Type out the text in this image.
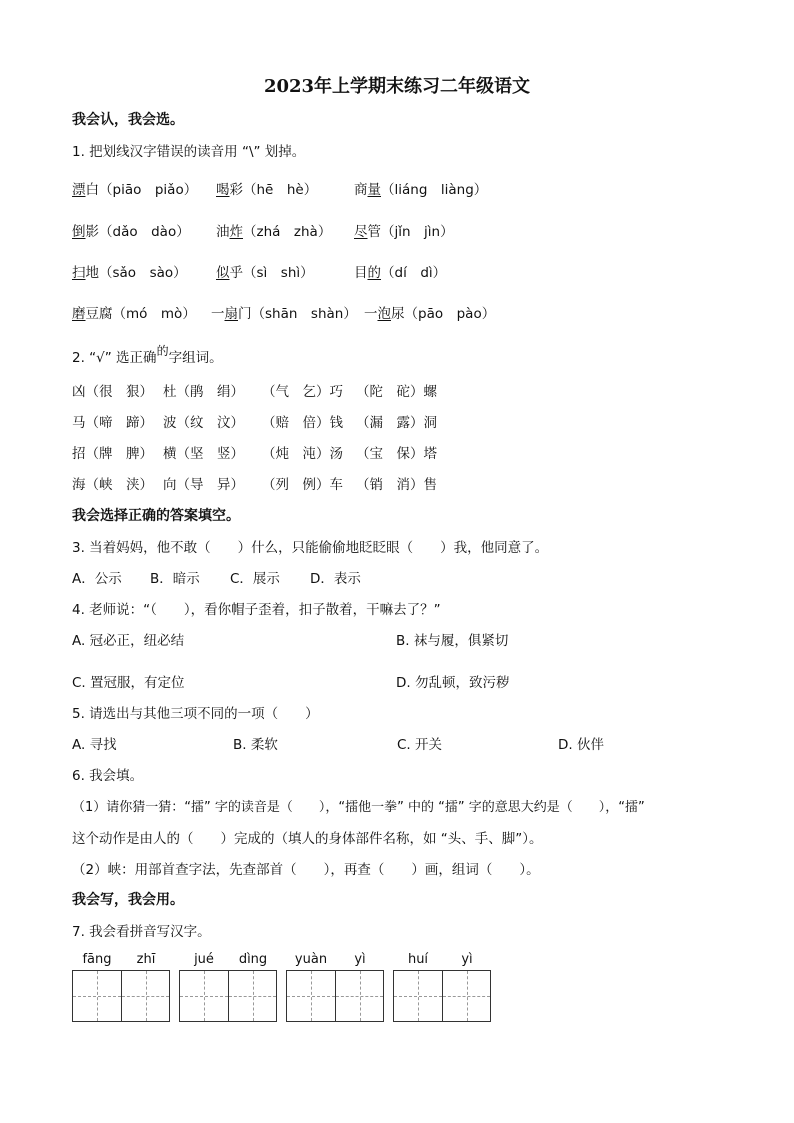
2023年上学期末练习二年级语文
我会认，我会选。
1. 把划线汉字错误的读音用 “\” 划掉。
漂白（piāo　piǎo） 喝彩（hē　hè）	商量（liáng　liàng）
倒影（dǎo　dào） 油炸（zhá　zhà） 尽管（jǐn　jìn）
扫地（sǎo　sào） 似乎（sì　shì）	目的（dí　dì）
磨豆腐（mó　mò） 一扇门（shān　shàn） 一泡尿（pāo　pào）
2. “√” 选正确的字组词。
凶（很　狠） 杜（鹃　绢） （气　乞）巧 （陀　砣）螺
马（啼　蹄） 波（纹　汶） （赔　倍）钱 （漏　露）洞
招（牌　脾） 横（坚　竖） （炖　沌）汤 （宝　保）塔
海（峡　浃） 向（导　异） （列　例）车 （销　消）售
我会选择正确的答案填空。
3. 当着妈妈，他不敢（　　）什么，只能偷偷地眨眨眼（　　）我，他同意了。
A．公示 B．暗示 C．展示 D．表示
4. 老师说：“（　　），看你帽子歪着，扣子散着，干嘛去了？”
A. 冠必正，纽必结	B. 袜与履，俱紧切
C. 置冠服，有定位	D. 勿乱顿，致污秽
5. 请选出与其他三项不同的一项（　　）
A. 寻找	B. 柔软	C. 开关	D. 伙伴
6. 我会填。
（1）请你猜一猜：“擂” 字的读音是（　　），“擂他一拳” 中的 “擂” 字的意思大约是（　　），“擂”
这个动作是由人的（　　）完成的（填人的身体部件名称，如 “头、手、脚”）。
（2）峡：用部首查字法，先查部首（　　），再查（　　）画，组词（　　）。
我会写，我会用。
7. 我会看拼音写汉字。
fāng	zhī	jué	dìng	yuàn	yì	huí	yì
